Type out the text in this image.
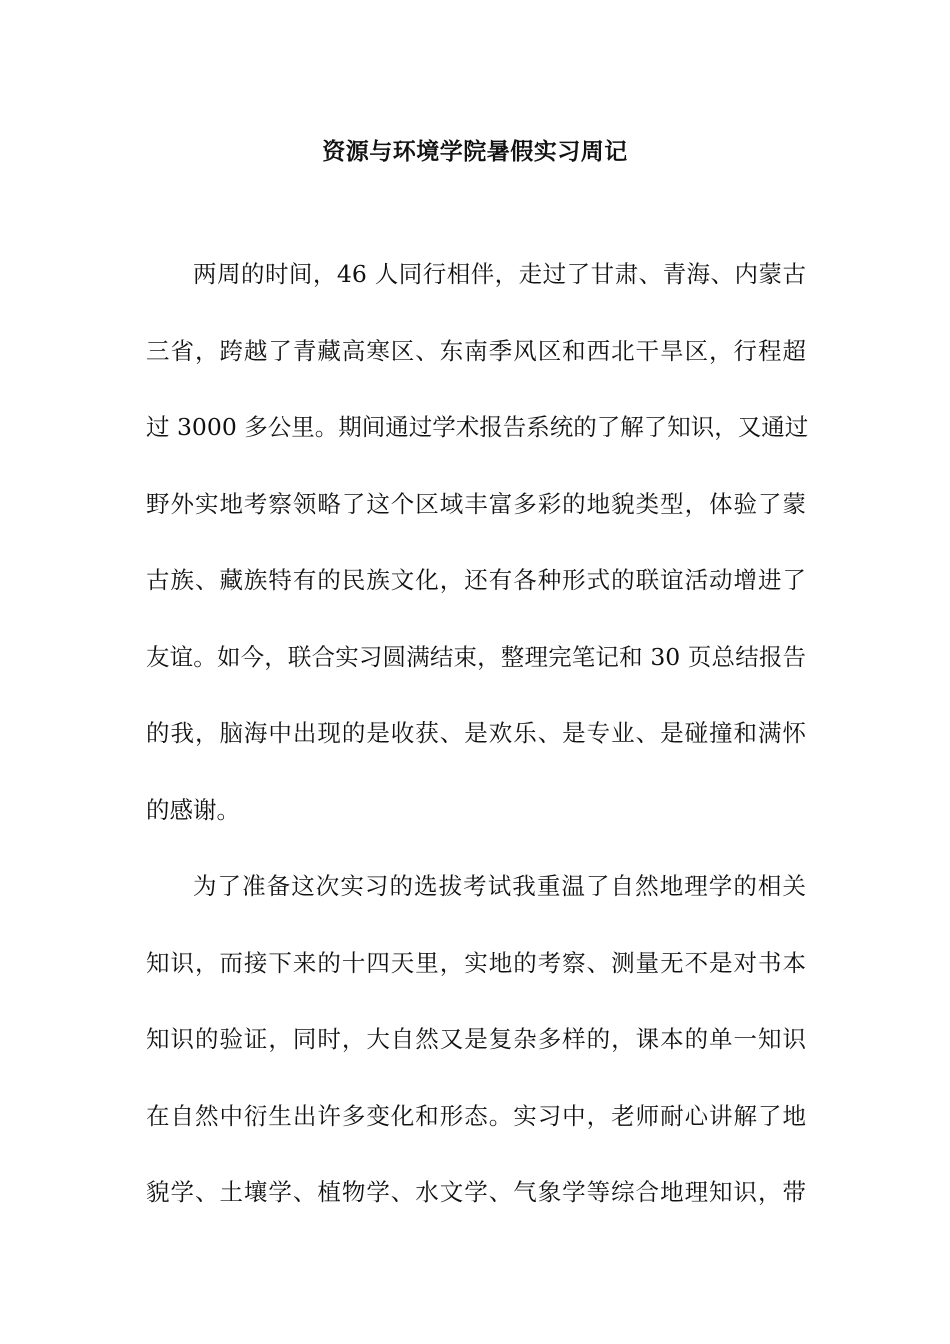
资源与环境学院暑假实习周记
两周的时间，46 人同行相伴，走过了甘肃、青海、内蒙古
三省，跨越了青藏高寒区、东南季风区和西北干旱区，行程超
过 3000 多公里。期间通过学术报告系统的了解了知识，又通过
野外实地考察领略了这个区域丰富多彩的地貌类型，体验了蒙
古族、藏族特有的民族文化，还有各种形式的联谊活动增进了
友谊。如今，联合实习圆满结束，整理完笔记和 30 页总结报告
的我，脑海中出现的是收获、是欢乐、是专业、是碰撞和满怀
的感谢。
为了准备这次实习的选拔考试我重温了自然地理学的相关
知识，而接下来的十四天里，实地的考察、测量无不是对书本
知识的验证，同时，大自然又是复杂多样的，课本的单一知识
在自然中衍生出许多变化和形态。实习中，老师耐心讲解了地
貌学、土壤学、植物学、水文学、气象学等综合地理知识，带
